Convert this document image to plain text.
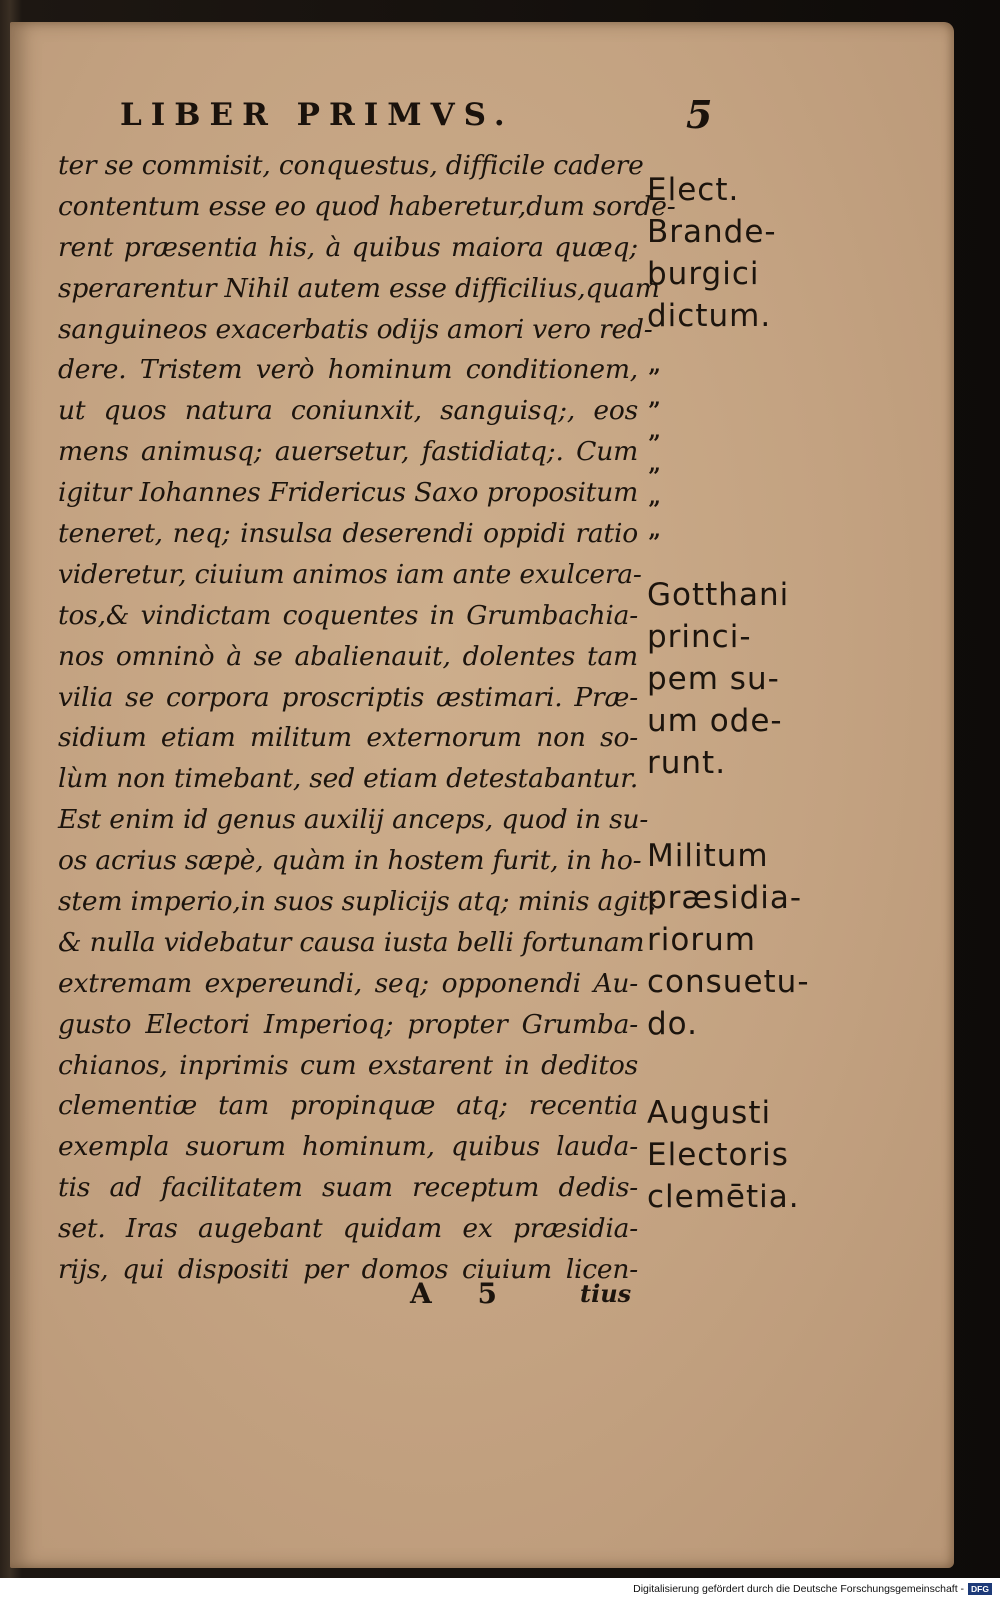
LIBER PRIMVS.	5
ter se commisit, conquestus, difficile cadere
contentum esse eo quod haberetur,dum sorde-
rent præsentia his, à quibus maiora quæq;
sperarentur Nihil autem esse difficilius,quam
sanguineos exacerbatis odijs amori vero red-
dere. Tristem verò hominum conditionem,
ut quos natura coniunxit, sanguisq;, eos
mens animusq; auersetur, fastidiatq;. Cum
igitur Iohannes Fridericus Saxo propositum
teneret, neq; insulsa deserendi oppidi ratio
videretur, ciuium animos iam ante exulcera-
tos,& vindictam coquentes in Grumbachia-
nos omninò à se abalienauit, dolentes tam
vilia se corpora proscriptis æstimari. Præ-
sidium etiam militum externorum non so-
lùm non timebant, sed etiam detestabantur.
Est enim id genus auxilij anceps, quod in su-
os acrius sæpè, quàm in hostem furit, in ho-
stem imperio,in suos suplicijs atq; minis agit:
& nulla videbatur causa iusta belli fortunam
extremam expereundi, seq; opponendi Au-
gusto Electori Imperioq; propter Grumba-
chianos, inprimis cum exstarent in deditos
clementiæ tam propinquæ atq; recentia
exempla suorum hominum, quibus lauda-
tis ad facilitatem suam receptum dedis-
set. Iras augebant quidam ex præsidia-
rijs, qui dispositi per domos ciuium licen-
A 5	tius
Elect.
Brande-
burgici
dictum.
”
”
”
”
”
”
Gotthani
princi-
pem su-
um ode-
runt.
Militum
præsidia-
riorum
consuetu-
do.
Augusti
Electoris
clemētia.
Digitalisierung gefördert durch die Deutsche Forschungsgemeinschaft - DFG
